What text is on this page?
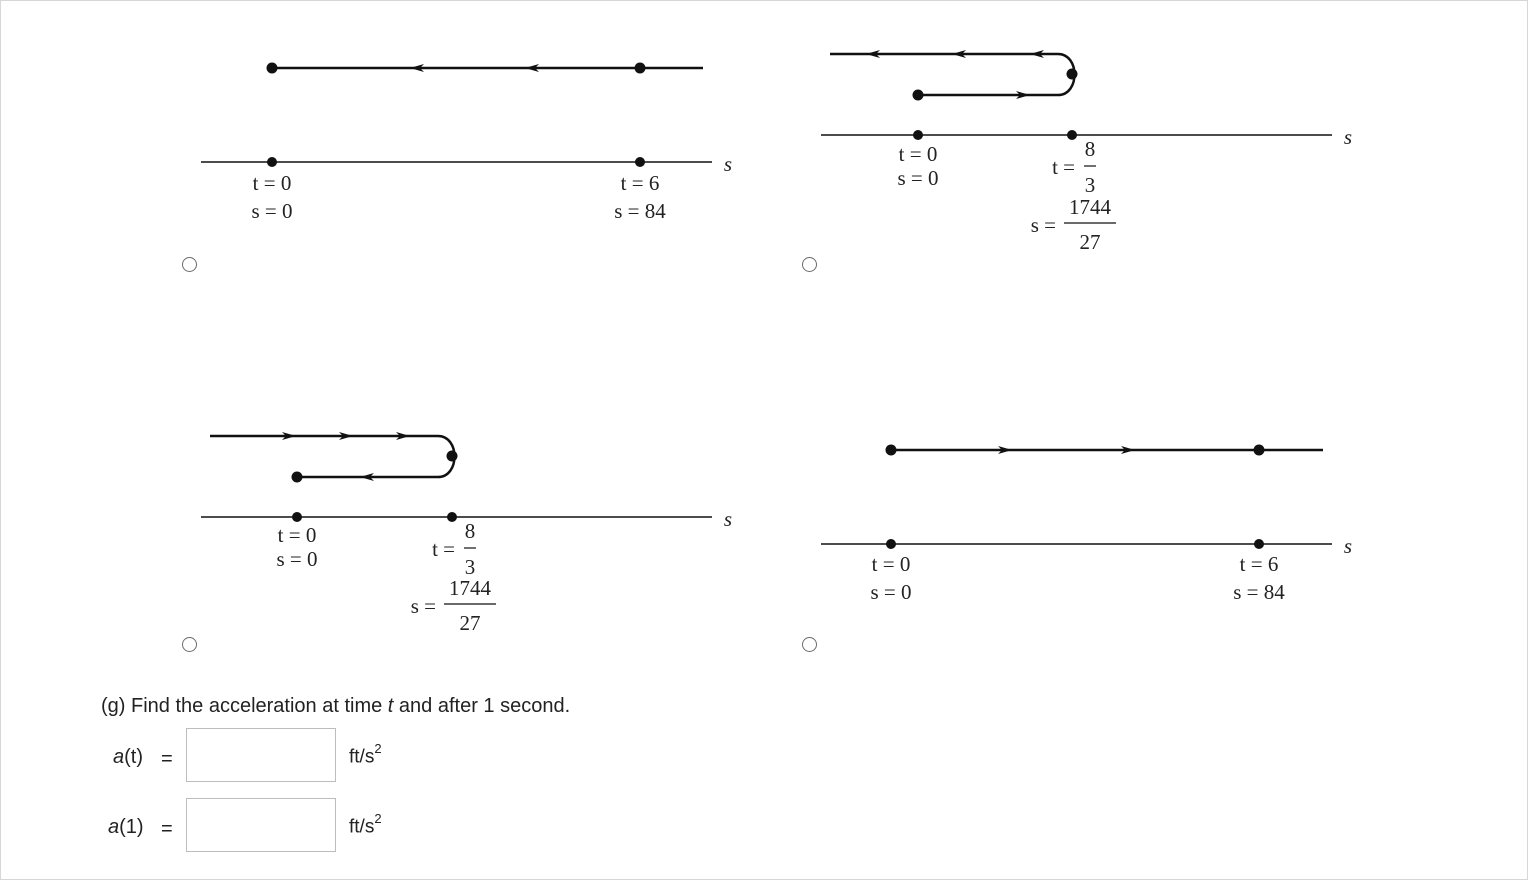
s
t = 0
s = 0
t = 6
s = 84
s
t = 0
s = 0	t =
8
3
s =
1744
27
s
t = 0
s = 0	t =
8
3
s =
1744
27
s
t = 0
s = 0
t = 6
s = 84
(g) Find the acceleration at time t and after 1 second.
a(t) =	$ft/s^2$
a(1) =	$ft/s^2$
